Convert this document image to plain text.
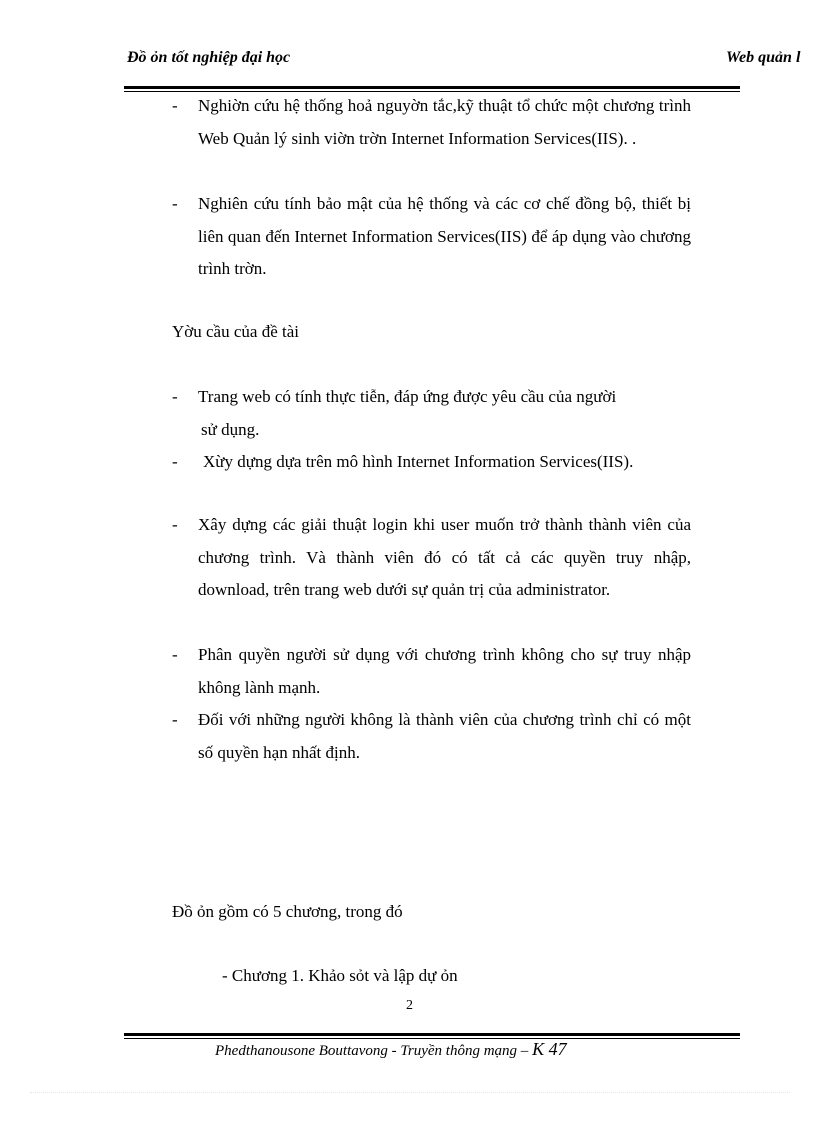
Đồ ỏn tốt nghiệp đại học	Web quản l
- Nghiờn cứu hệ thống hoả nguyờn tắc,kỹ thuật tổ chức một chương trình Web Quản lý sinh viờn trờn Internet Information Services(IIS). .
- Nghiên cứu tính bảo mật của hệ thống và các cơ chế đồng bộ, thiết bị liên quan đến Internet Information Services(IIS) để áp dụng vào chương trình trờn.
Yờu cầu của đề tài
- Trang web có tính thực tiễn, đáp ứng được yêu cầu của người
sử dụng.
- Xừy dựng dựa trên mô hình Internet Information Services(IIS).
- Xây dựng các giải thuật login khi user muốn trở thành thành viên của chương trình. Và thành viên đó có tất cả các quyền truy nhập, download, trên trang web dưới sự quản trị của administrator.
- Phân quyền người sử dụng với chương trình không cho sự truy nhập không lành mạnh.
- Đối với những người không là thành viên của chương trình chỉ có một số quyền hạn nhất định.
Đồ ỏn gồm có 5 chương, trong đó
- Chương 1. Khảo sỏt và lập dự ỏn
2
Phedthanousone Bouttavong - Truyền thông mạng – K 47
